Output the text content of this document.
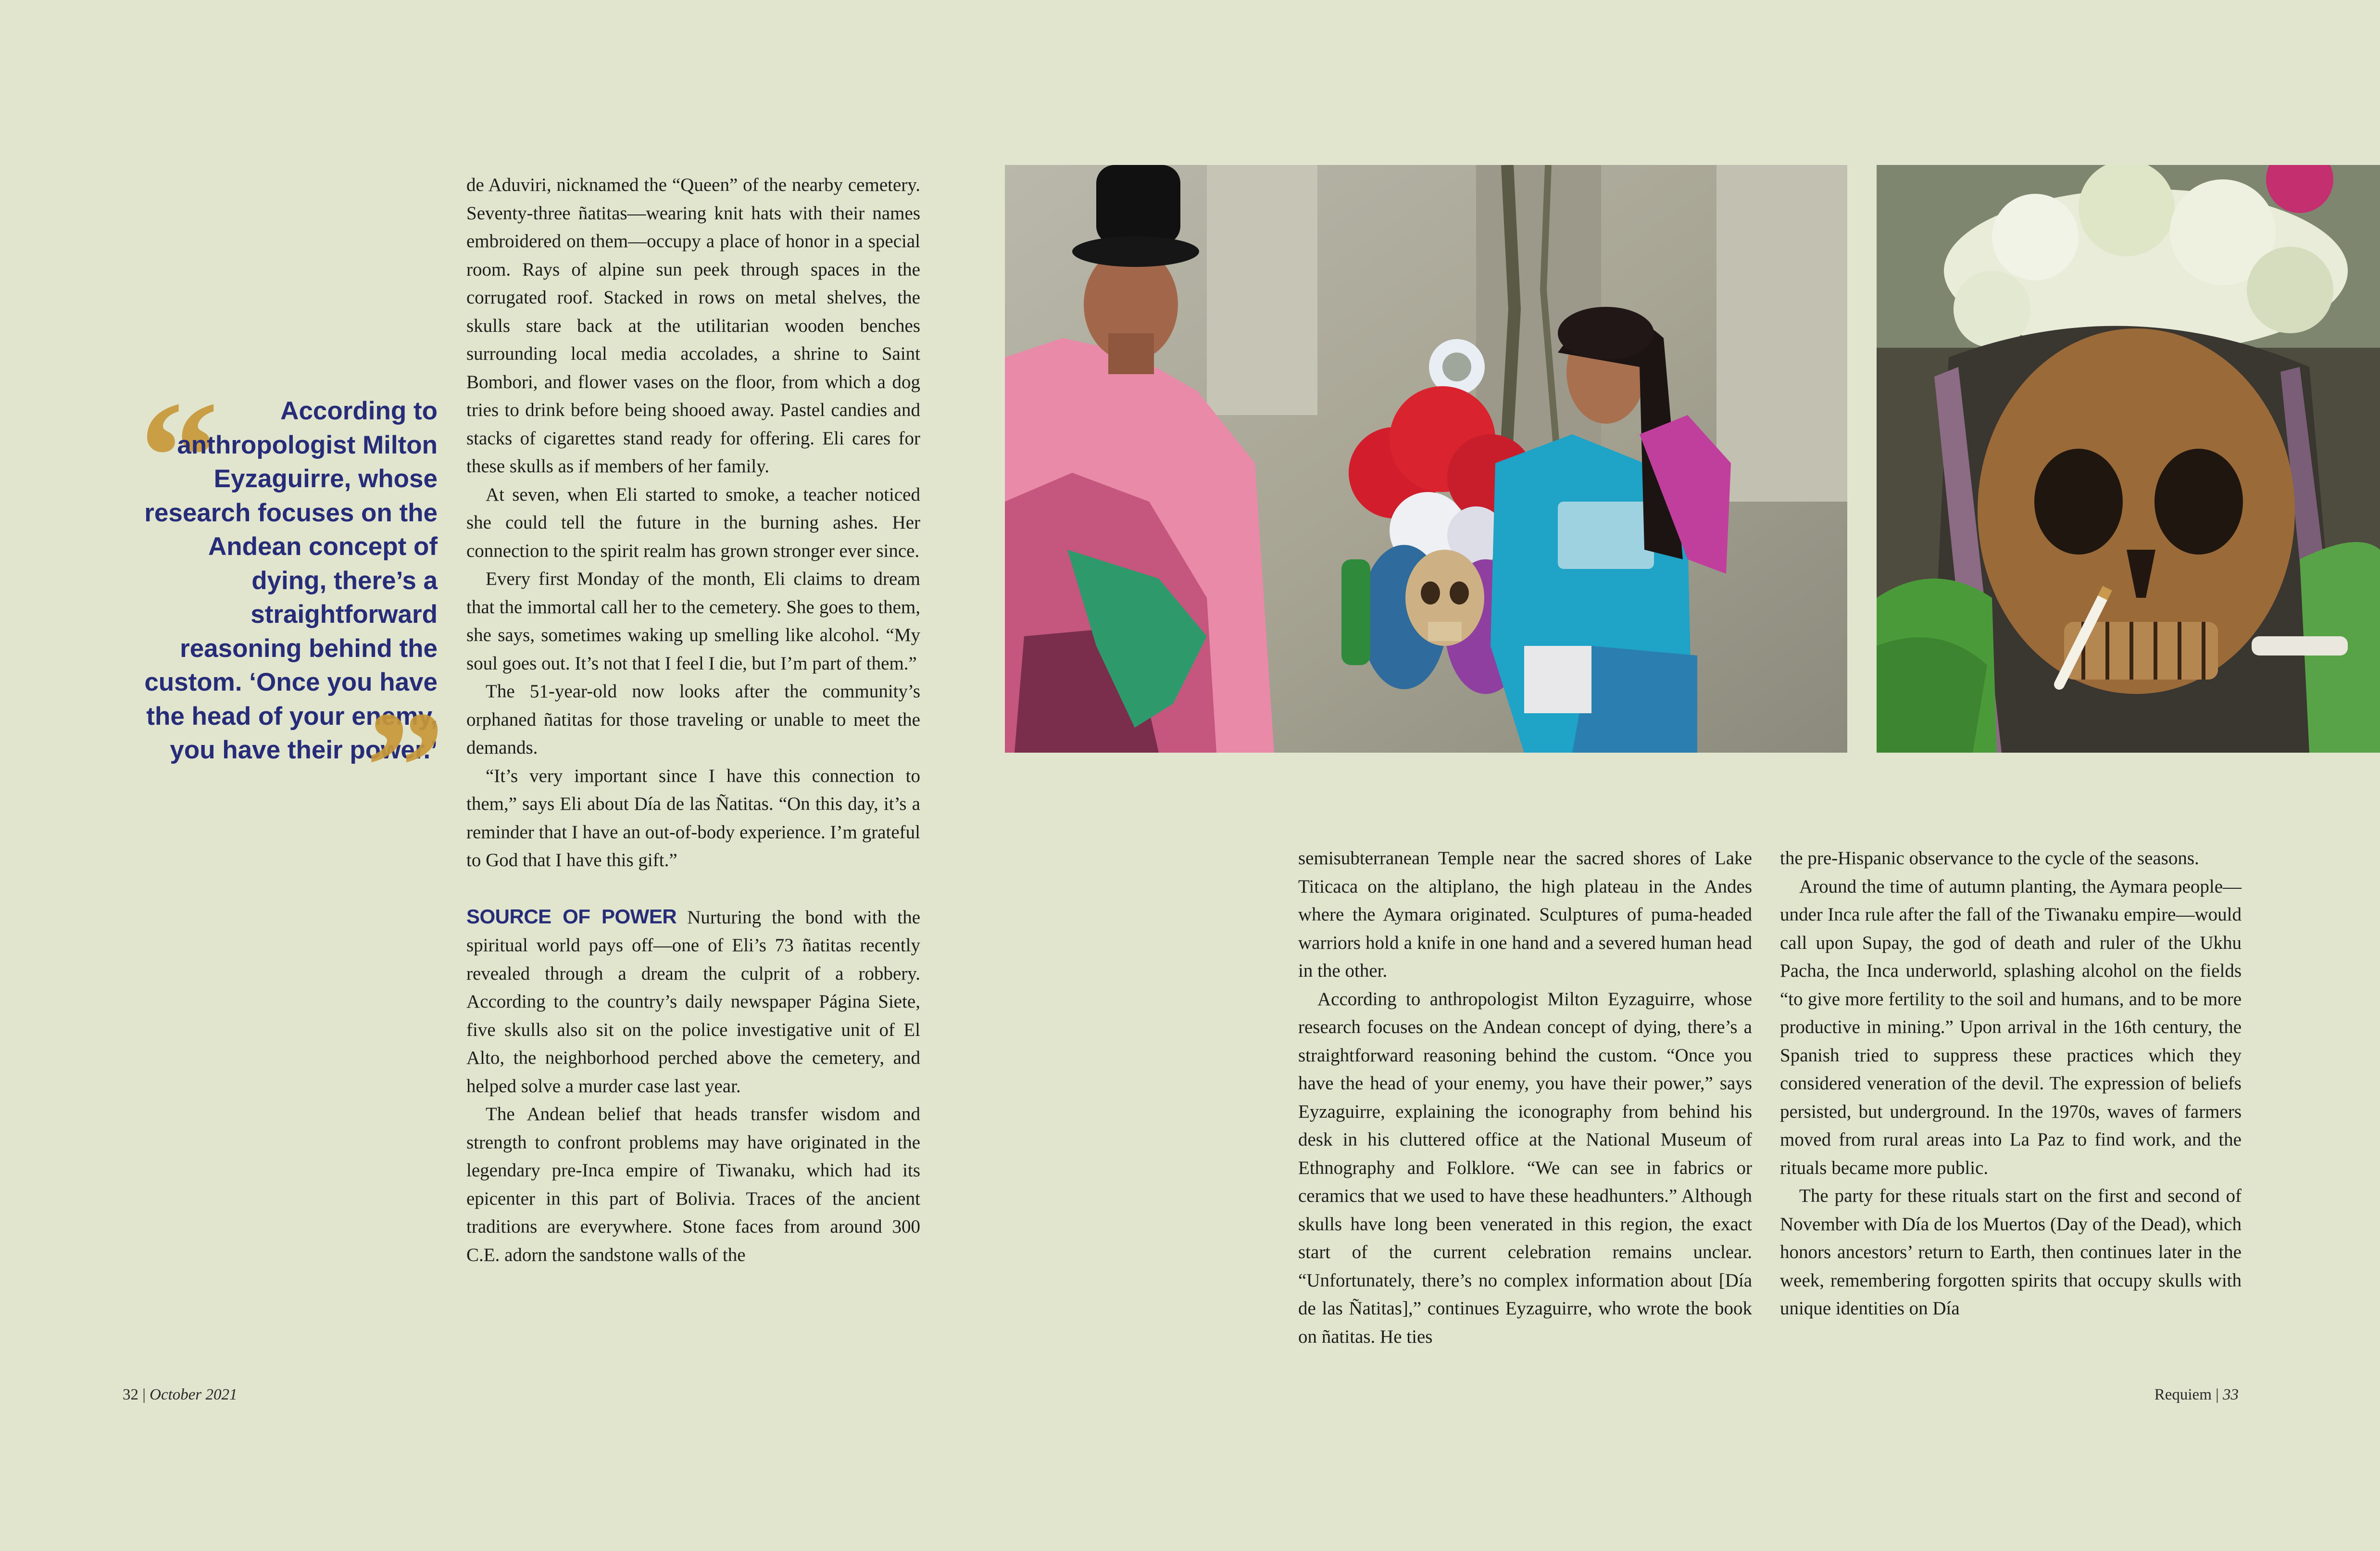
“	According to anthropologist Milton Eyzaguirre, whose research focuses on the Andean concept of dying, there’s a straightforward reasoning behind the custom. ‘Once you have the head of your enemy, you have their power.’
”

de Aduviri, nicknamed the “Queen” of the nearby cemetery. Seventy-three ñatitas—wearing knit hats with their names embroidered on them—occupy a place of honor in a special room. Rays of alpine sun peek through spaces in the corrugated roof. Stacked in rows on metal shelves, the skulls stare back at the utilitarian wooden benches surrounding local media accolades, a shrine to Saint Bombori, and flower vases on the floor, from which a dog tries to drink before being shooed away. Pastel candies and stacks of cigarettes stand ready for offering. Eli cares for these skulls as if members of her family.

At seven, when Eli started to smoke, a teacher noticed she could tell the future in the burning ashes. Her connection to the spirit realm has grown stronger ever since.

Every first Monday of the month, Eli claims to dream that the immortal call her to the cemetery. She goes to them, she says, sometimes waking up smelling like alcohol. “My soul goes out. It’s not that I feel I die, but I’m part of them.”

The 51-year-old now looks after the community’s orphaned ñatitas for those traveling or unable to meet the demands.

“It’s very important since I have this connection to them,” says Eli about Día de las Ñatitas. “On this day, it’s a reminder that I have an out-of-body experience. I’m grateful to God that I have this gift.”

SOURCE OF POWER Nurturing the bond with the spiritual world pays off—one of Eli’s 73 ñatitas recently revealed through a dream the culprit of a robbery. According to the country’s daily newspaper Página Siete, five skulls also sit on the police investigative unit of El Alto, the neighborhood perched above the cemetery, and helped solve a murder case last year.

The Andean belief that heads transfer wisdom and strength to confront problems may have originated in the legendary pre-Inca empire of Tiwanaku, which had its epicenter in this part of Bolivia. Traces of the ancient traditions are everywhere. Stone faces from around 300 C.E. adorn the sandstone walls of the

semisubterranean Temple near the sacred shores of Lake Titicaca on the altiplano, the high plateau in the Andes where the Aymara originated. Sculptures of puma-headed warriors hold a knife in one hand and a severed human head in the other.

According to anthropologist Milton Eyzaguirre, whose research focuses on the Andean concept of dying, there’s a straightforward reasoning behind the custom. “Once you have the head of your enemy, you have their power,” says Eyzaguirre, explaining the iconography from behind his desk in his cluttered office at the National Museum of Ethnography and Folklore. “We can see in fabrics or ceramics that we used to have these headhunters.” Although skulls have long been venerated in this region, the exact start of the current celebration remains unclear. “Unfortunately, there’s no complex information about [Día de las Ñatitas],” continues Eyzaguirre, who wrote the book on ñatitas. He ties

the pre-Hispanic observance to the cycle of the seasons.

Around the time of autumn planting, the Aymara people—under Inca rule after the fall of the Tiwanaku empire—would call upon Supay, the god of death and ruler of the Ukhu Pacha, the Inca underworld, splashing alcohol on the fields “to give more fertility to the soil and humans, and to be more productive in mining.” Upon arrival in the 16th century, the Spanish tried to suppress these practices which they considered veneration of the devil. The expression of beliefs persisted, but underground. In the 1970s, waves of farmers moved from rural areas into La Paz to find work, and the rituals became more public.

The party for these rituals start on the first and second of November with Día de los Muertos (Day of the Dead), which honors ancestors’ return to Earth, then continues later in the week, remembering forgotten spirits that occupy skulls with unique identities on Día

32 | October 2021	Requiem | 33
